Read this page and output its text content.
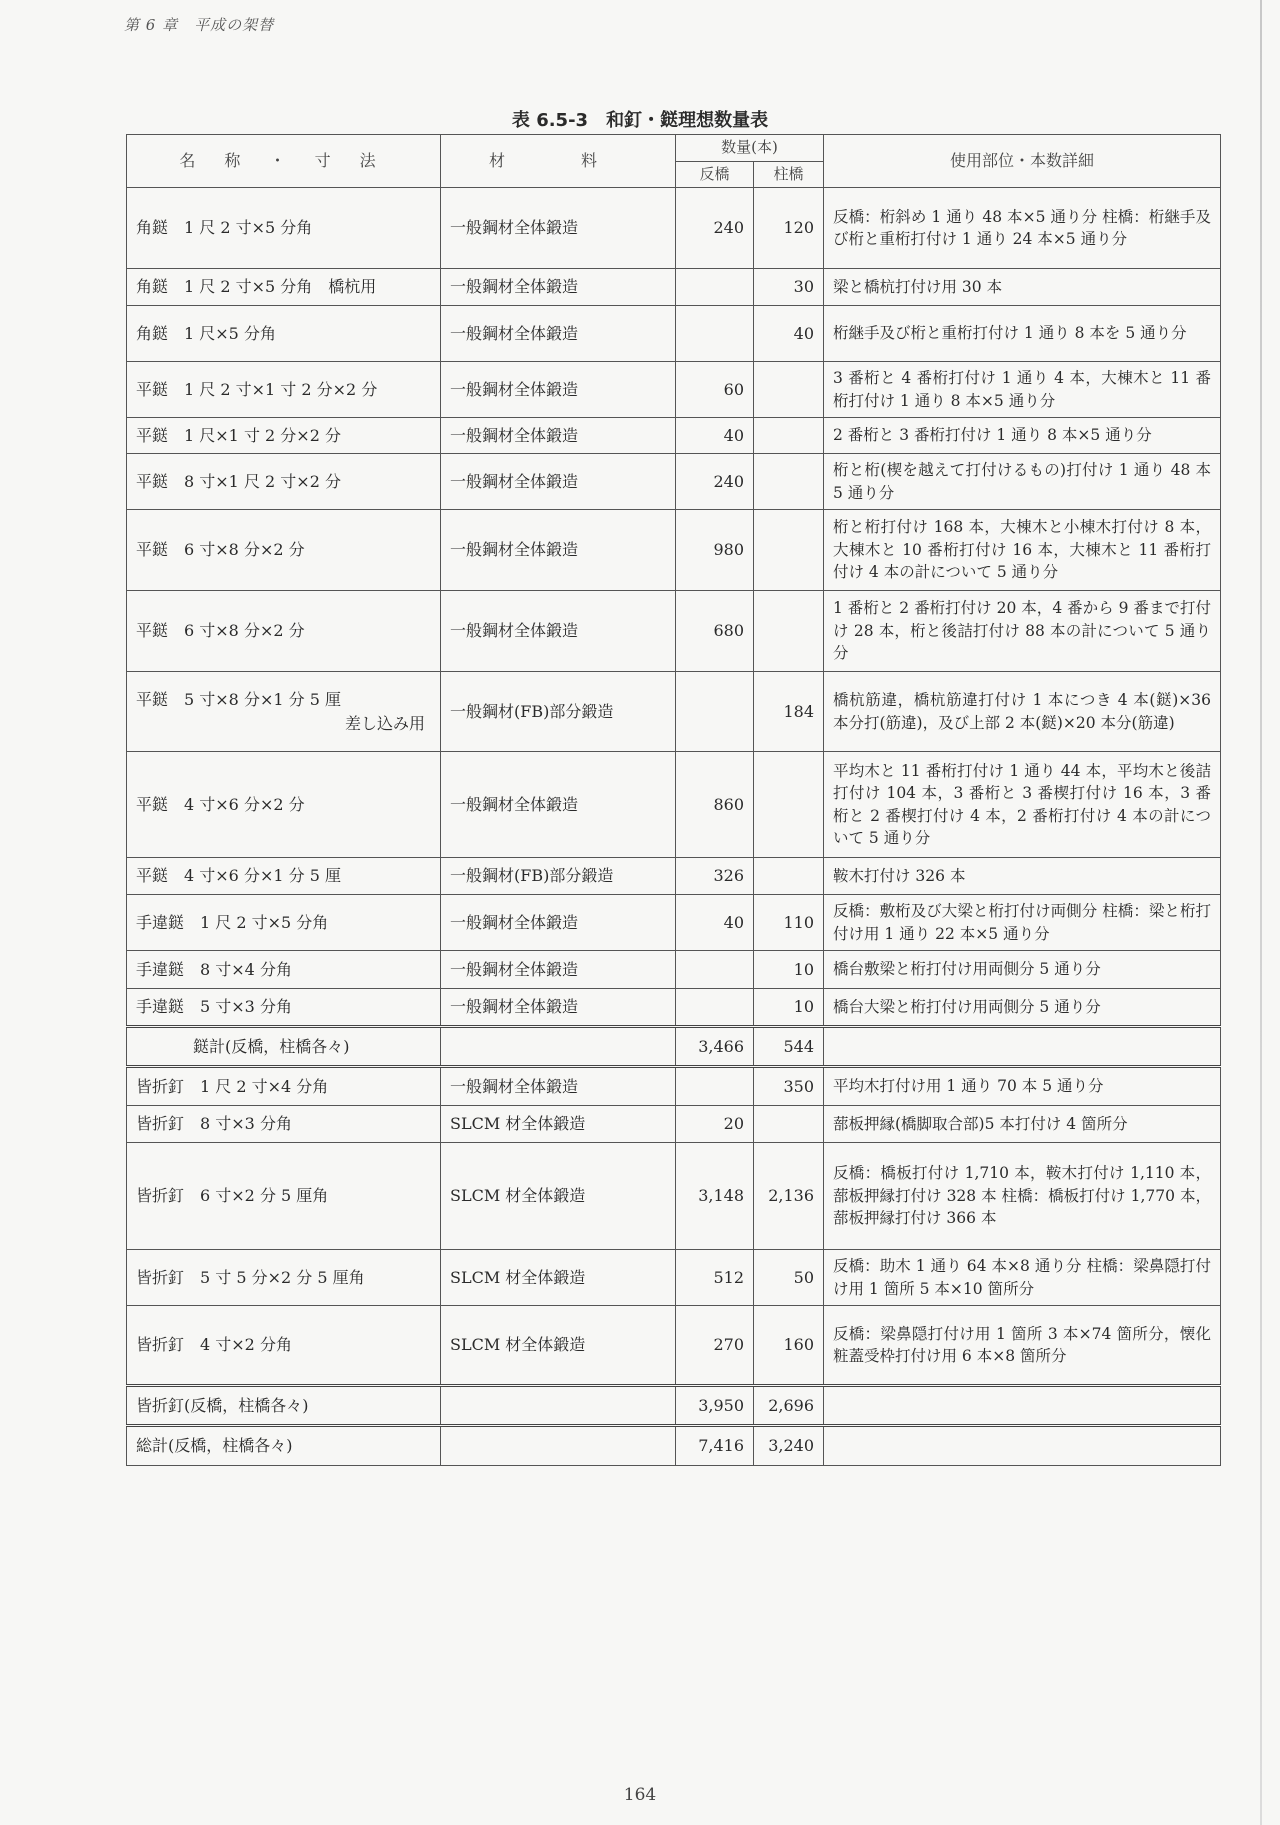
第 6 章　平成の架替
表 6.5-3　和釘・鎹理想数量表
名 称 ・ 寸 法	材　料	数量(本)		使用部位・本数詳細
		反橋	柱橋	
角鎹　1 尺 2 寸×5 分角	一般鋼材全体鍛造	240	120	反橋：桁斜め 1 通り 48 本×5 通り分 柱橋：桁継手及び桁と重桁打付け 1 通り 24 本×5 通り分
角鎹　1 尺 2 寸×5 分角　橋杭用	一般鋼材全体鍛造		30	梁と橋杭打付け用 30 本
角鎹　1 尺×5 分角	一般鋼材全体鍛造		40	桁継手及び桁と重桁打付け 1 通り 8 本を 5 通り分
平鎹　1 尺 2 寸×1 寸 2 分×2 分	一般鋼材全体鍛造	60		3 番桁と 4 番桁打付け 1 通り 4 本，大棟木と 11 番桁打付け 1 通り 8 本×5 通り分
平鎹　1 尺×1 寸 2 分×2 分	一般鋼材全体鍛造	40		2 番桁と 3 番桁打付け 1 通り 8 本×5 通り分
平鎹　8 寸×1 尺 2 寸×2 分	一般鋼材全体鍛造	240		桁と桁(楔を越えて打付けるもの)打付け 1 通り 48 本 5 通り分
平鎹　6 寸×8 分×2 分	一般鋼材全体鍛造	980		桁と桁打付け 168 本，大棟木と小棟木打付け 8 本，大棟木と 10 番桁打付け 16 本，大棟木と 11 番桁打付け 4 本の計について 5 通り分
平鎹　6 寸×8 分×2 分	一般鋼材全体鍛造	680		1 番桁と 2 番桁打付け 20 本，4 番から 9 番まで打付け 28 本，桁と後詰打付け 88 本の計について 5 通り分
平鎹　5 寸×8 分×1 分 5 厘
差し込み用	一般鋼材(FB)部分鍛造		184	橋杭筋違，橋杭筋違打付け 1 本につき 4 本(鎹)×36 本分打(筋違)，及び上部 2 本(鎹)×20 本分(筋違)
平鎹　4 寸×6 分×2 分	一般鋼材全体鍛造	860		平均木と 11 番桁打付け 1 通り 44 本，平均木と後詰打付け 104 本，3 番桁と 3 番楔打付け 16 本，3 番桁と 2 番楔打付け 4 本，2 番桁打付け 4 本の計について 5 通り分
平鎹　4 寸×6 分×1 分 5 厘	一般鋼材(FB)部分鍛造	326		鞍木打付け 326 本
手違鎹　1 尺 2 寸×5 分角	一般鋼材全体鍛造	40	110	反橋：敷桁及び大梁と桁打付け両側分 柱橋：梁と桁打付け用 1 通り 22 本×5 通り分
手違鎹　8 寸×4 分角	一般鋼材全体鍛造		10	橋台敷梁と桁打付け用両側分 5 通り分
手違鎹　5 寸×3 分角	一般鋼材全体鍛造		10	橋台大梁と桁打付け用両側分 5 通り分
鎹計(反橋，柱橋各々)		3,466	544	
皆折釘　1 尺 2 寸×4 分角	一般鋼材全体鍛造		350	平均木打付け用 1 通り 70 本 5 通り分
皆折釘　8 寸×3 分角	SLCM 材全体鍛造	20		蔀板押縁(橋脚取合部)5 本打付け 4 箇所分
皆折釘　6 寸×2 分 5 厘角	SLCM 材全体鍛造	3,148	2,136	反橋：橋板打付け 1,710 本，鞍木打付け 1,110 本，蔀板押縁打付け 328 本 柱橋：橋板打付け 1,770 本，蔀板押縁打付け 366 本
皆折釘　5 寸 5 分×2 分 5 厘角	SLCM 材全体鍛造	512	50	反橋：助木 1 通り 64 本×8 通り分 柱橋：梁鼻隠打付け用 1 箇所 5 本×10 箇所分
皆折釘　4 寸×2 分角	SLCM 材全体鍛造	270	160	反橋：梁鼻隠打付け用 1 箇所 3 本×74 箇所分，懐化粧蓋受枠打付け用 6 本×8 箇所分
皆折釘(反橋，柱橋各々)		3,950	2,696	
総計(反橋，柱橋各々)		7,416	3,240	
164
